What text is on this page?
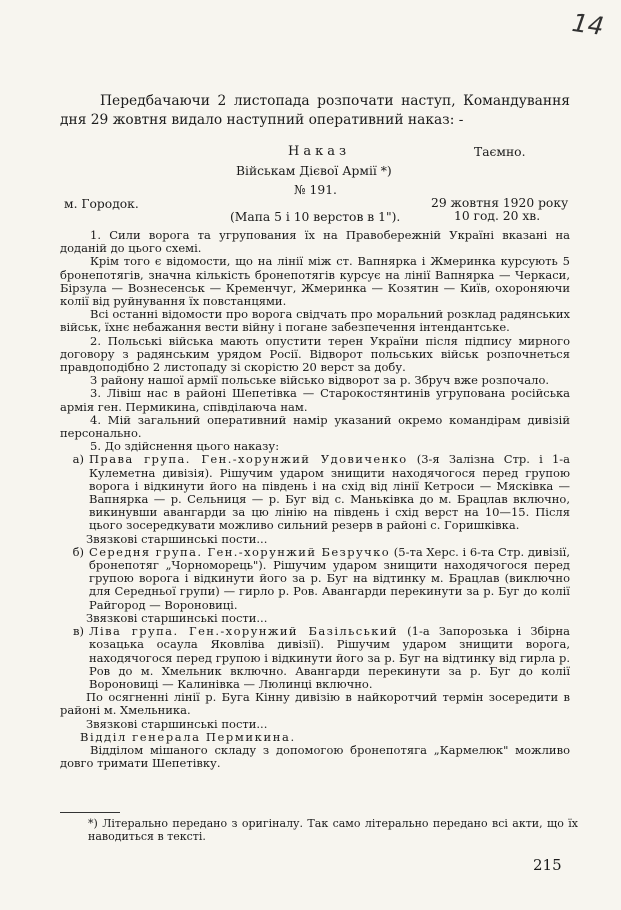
14
Передбачаючи 2 листопада розпочати наступ, Командування дня 29 жовтня видало наступний оперативний наказ: -
Наказ	Таємно.
Військам Дієвої Армії *)
№ 191.
м. Городок.	29 жовтня 1920 року
10 год. 20 хв.
(Мапа 5 і 10 верстов в 1").

1. Сили ворога та угрупования їх на Правобережній Україні вказані на доданій до цього схемі.

Крім того є відомости, що на лінії між ст. Вапнярка і Жмеринка курсують 5 бронепотягів, значна кількість бронепотягів курсує на лінії Вапнярка — Черкаси, Бірзула — Вознесенськ — Кременчуг, Жмеринка — Козятин — Київ, охороняючи колії від руйнування їх повстанцями.

Всі останні відомости про ворога свідчать про моральний розклад радянських військ, їхнє небажання вести війну і погане забезпечення інтендантське.

2. Польські війська мають опустити терен України після підпису мирного договору з радянським урядом Росії. Відворот польських військ розпочнеться правдоподібно 2 листопаду зі скорістю 20 верст за добу.

З району нашої армії польське військо відворот за р. Збруч вже розпочало.

3. Лівіш нас в районі Шепетівка — Старокостянтинів угрупована російська армія ген. Пермикина, співділаюча нам.

4. Мій загальний оперативний намір указаний окремо командірам дивізій персонально.

5. До здійснення цього наказу:

а) Права група. Ген.-хорунжий Удовиченко (3-я Залізна Стр. і 1-а Кулеметна дивізія). Рішучим ударом знищити находячогося перед групою ворога і відкинути його на південь і на схід від лінії Кетроси — Мясківка — Вапнярка — р. Сельниця — р. Буг від с. Маньківка до м. Брацлав включно, викинувши авангарди за цю лінію на південь і схід верст на 10—15. Після цього зосередкувати можливо сильний резерв в районі с. Горишківка.

Звязкові старшинські пости...

б) Середня група. Ген.-хорунжий Безручко (5-та Херс. і 6-та Стр. дивізії, бронепотяг „Чорноморець"). Рішучим ударом знищити находячогося перед групою ворога і відкинути його за р. Буг на відтинку м. Брацлав (виключно для Середньої групи) — гирло р. Ров. Авангарди перекинути за р. Буг до колії Райгород — Вороновиці.

Звязкові старшинські пости...

в) Ліва група. Ген.-хорунжий Базільський (1-а Запорозька і Збірна козацька осаула Яковліва дивізії). Рішучим ударом знищити ворога, находячогося перед групою і відкинути його за р. Буг на відтинку від гирла р. Ров до м. Хмельник включно. Авангарди перекинути за р. Буг до колії Вороновиці — Калинівка — Люлинці включно.

По осягненні лінії р. Буга Кінну дивізію в найкоротчий термін зосередити в районі м. Хмельника.

Звязкові старшинські пости...

Відділ генерала Пермикина.

Відділом мішаного складу з допомогою бронепотяга „Кармелюк" можливо довго тримати Шепетівку.

*) Літерально передано з оригіналу. Так само літерально передано всі акти, що їх наводиться в тексті.
215
